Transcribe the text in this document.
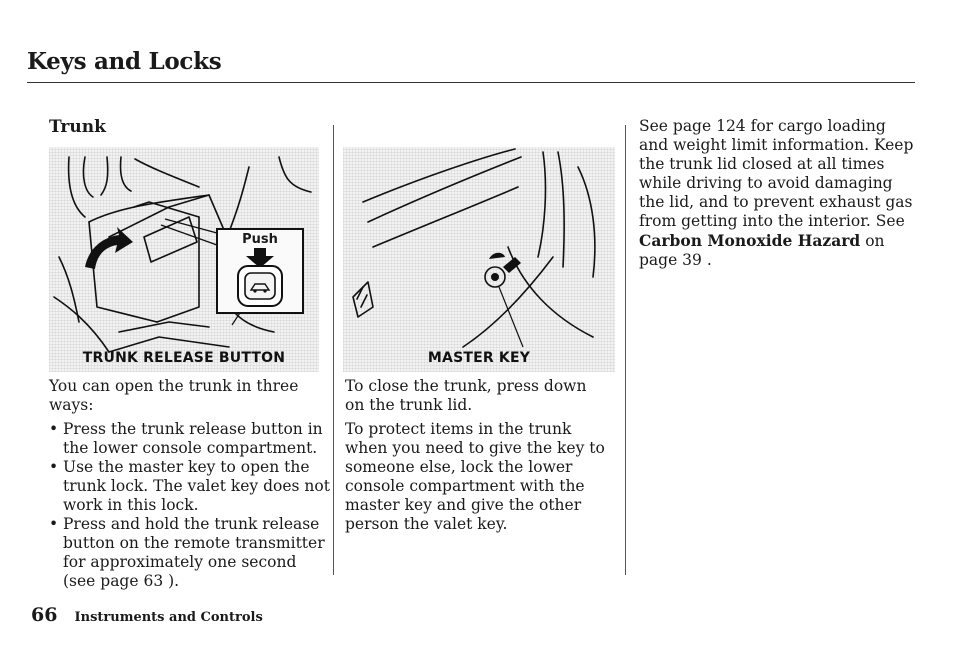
Keys and Locks
Trunk
TRUNK RELEASE BUTTON
Push
MASTER KEY
You can open the trunk in three ways:
• Press the trunk release button in the lower console compartment.
• Use the master key to open the trunk lock. The valet key does not work in this lock.
• Press and hold the trunk release button on the remote transmitter for approximately one second (see page 63 ).
To close the trunk, press down on the trunk lid.
To protect items in the trunk when you need to give the key to someone else, lock the lower console compartment with the master key and give the other person the valet key.
See page 124 for cargo loading and weight limit information. Keep the trunk lid closed at all times while driving to avoid damaging the lid, and to prevent exhaust gas from getting into the interior. See Carbon Monoxide Hazard on page 39 .
66 Instruments and Controls
